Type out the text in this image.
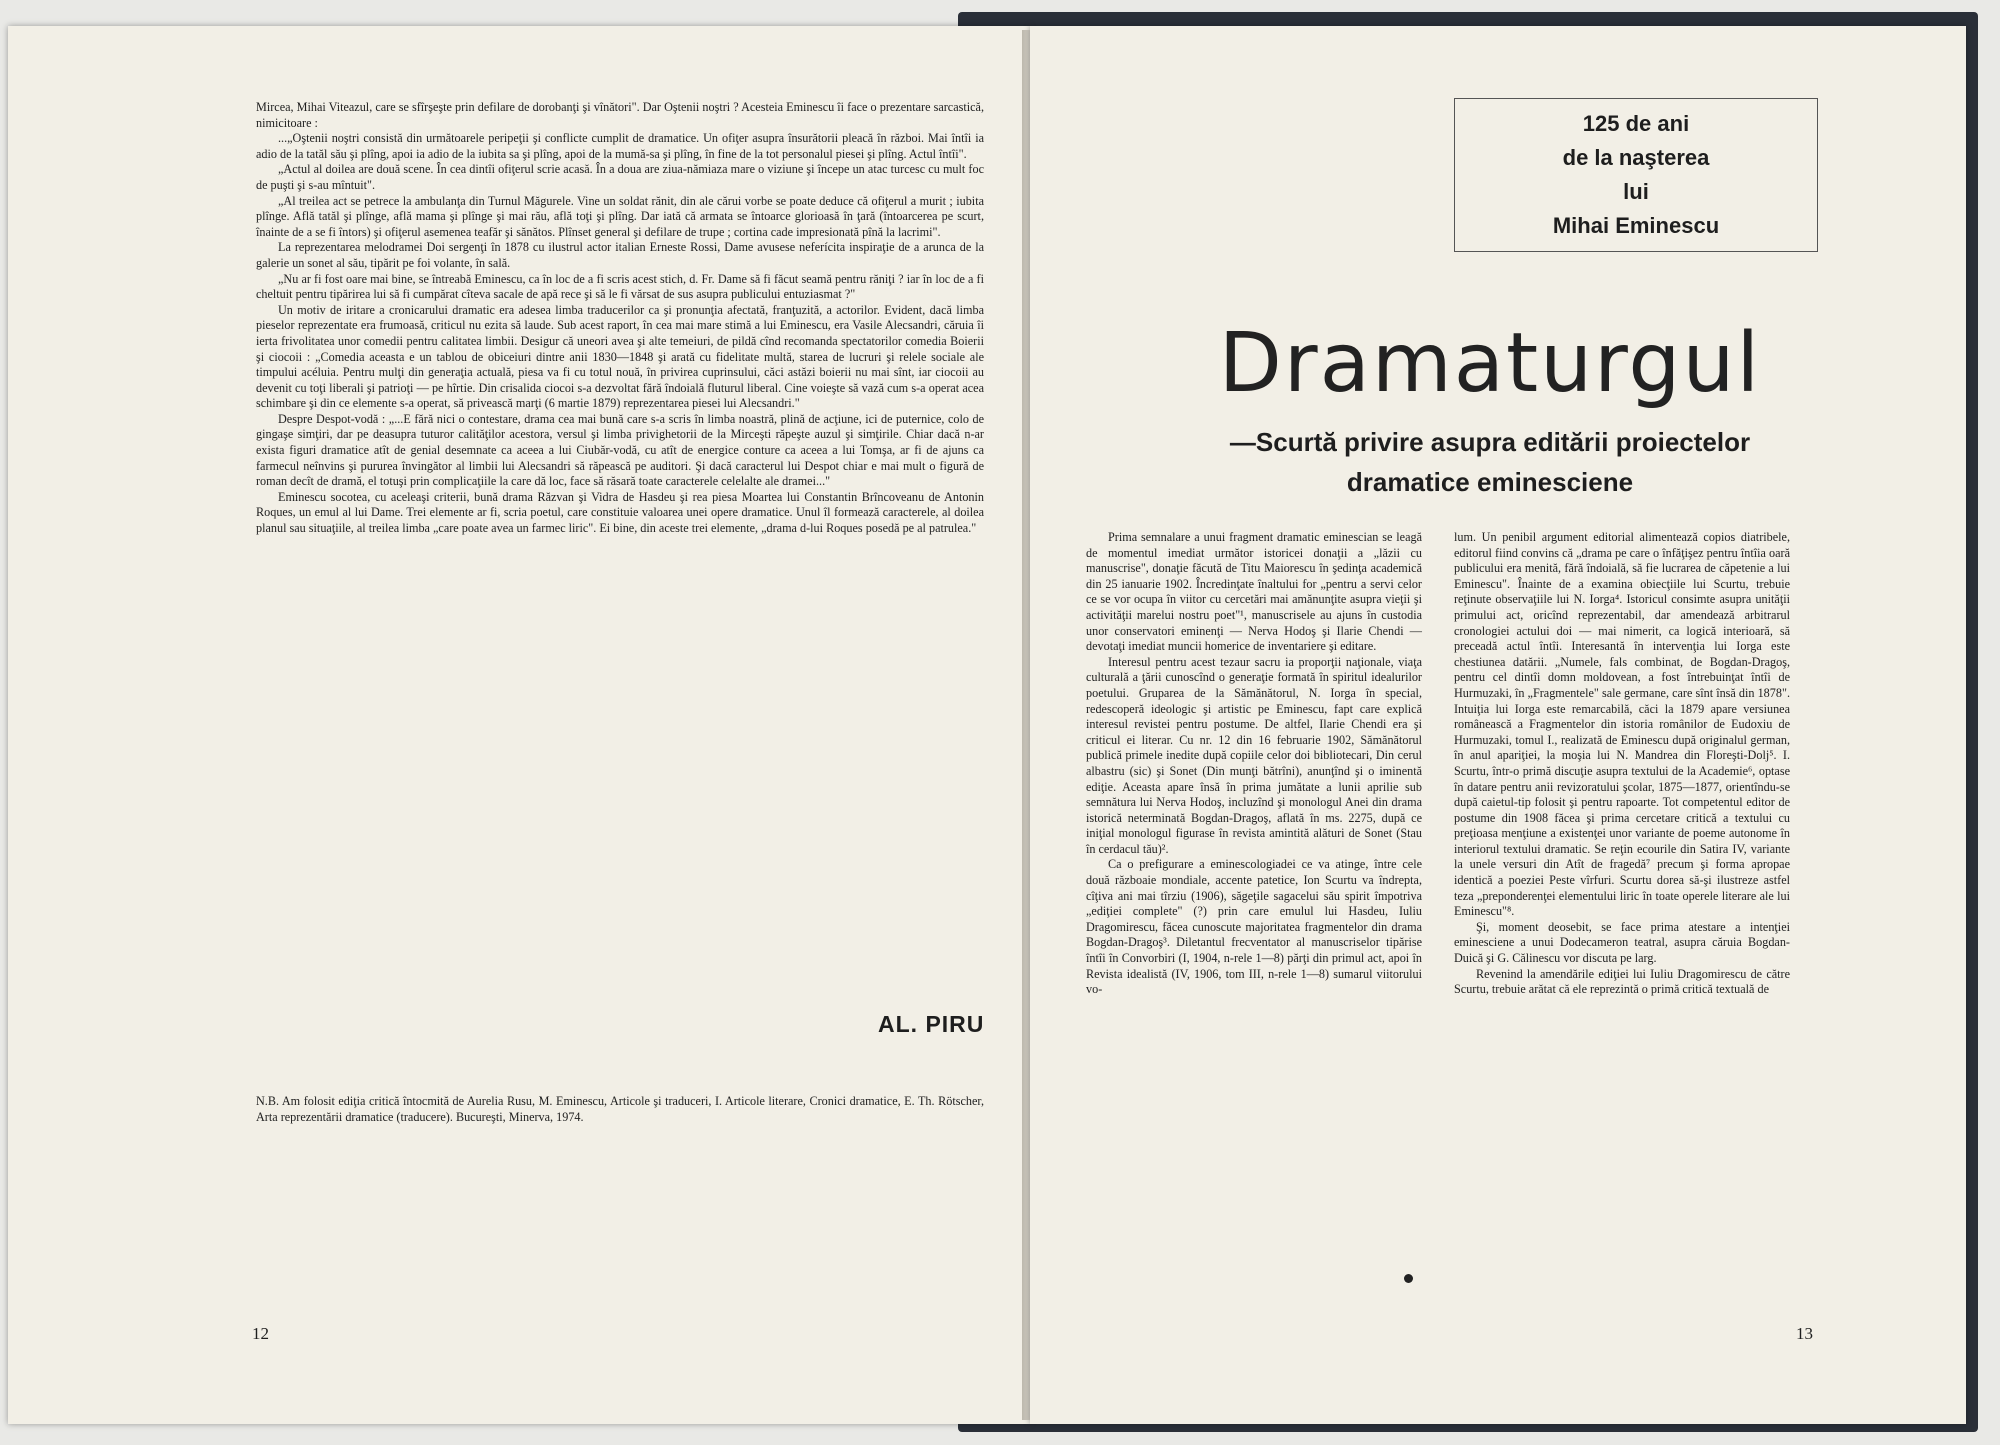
Mircea, Mihai Viteazul, care se sfîrşeşte prin defilare de dorobanţi şi vînători". Dar Oştenii noştri ? Acesteia Eminescu îi face o prezentare sarcastică, nimicitoare :

...„Oştenii noştri consistă din următoarele peripeţii şi conflicte cumplit de dramatice. Un ofiţer asupra însurătorii pleacă în război. Mai întîi ia adio de la tatăl său şi plîng, apoi ia adio de la iubita sa şi plîng, apoi de la mumă-sa şi plîng, în fine de la tot personalul piesei şi plîng. Actul întîi".

„Actul al doilea are două scene. În cea dintîi ofiţerul scrie acasă. În a doua are ziua-nămiaza mare o viziune şi începe un atac turcesc cu mult foc de puşti şi s-au mîntuit".

„Al treilea act se petrece la ambulanţa din Turnul Măgurele. Vine un soldat rănit, din ale cărui vorbe se poate deduce că ofiţerul a murit ; iubita plînge. Află tatăl şi plînge, află mama şi plînge şi mai rău, află toţi şi plîng. Dar iată că armata se întoarce glorioasă în ţară (întoarcerea pe scurt, înainte de a se fi întors) şi ofiţerul asemenea teafăr şi sănătos. Plînset general şi defilare de trupe ; cortina cade impresionată pînă la lacrimi".

La reprezentarea melodramei Doi sergenţi în 1878 cu ilustrul actor italian Erneste Rossi, Dame avusese neferícita inspiraţie de a arunca de la galerie un sonet al său, tipărit pe foi volante, în sală.

„Nu ar fi fost oare mai bine, se întreabă Eminescu, ca în loc de a fi scris acest stich, d. Fr. Dame să fi făcut seamă pentru răniţi ? iar în loc de a fi cheltuit pentru tipărirea lui să fi cumpărat cîteva sacale de apă rece şi să le fi vărsat de sus asupra publicului entuziasmat ?"

Un motiv de iritare a cronicarului dramatic era adesea limba traducerilor ca şi pronunţia afectată, franţuzită, a actorilor. Evident, dacă limba pieselor reprezentate era frumoasă, criticul nu ezita să laude. Sub acest raport, în cea mai mare stimă a lui Eminescu, era Vasile Alecsandri, căruia îi ierta frivolitatea unor comedii pentru calitatea limbii. Desigur că uneori avea şi alte temeiuri, de pildă cînd recomanda spectatorilor comedia Boierii şi ciocoii : „Comedia aceasta e un tablou de obiceiuri dintre anii 1830—1848 şi arată cu fidelitate multă, starea de lucruri şi relele sociale ale timpului acéluia. Pentru mulţi din generaţia actuală, piesa va fi cu totul nouă, în privirea cuprinsului, căci astăzi boierii nu mai sînt, iar ciocoii au devenit cu toţi liberali şi patrioţi — pe hîrtie. Din crisalida ciocoi s-a dezvoltat fără îndoială fluturul liberal. Cine voieşte să vază cum s-a operat acea schimbare şi din ce elemente s-a operat, să privească marţi (6 martie 1879) reprezentarea piesei lui Alecsandri."

Despre Despot-vodă : „...E fără nici o contestare, drama cea mai bună care s-a scris în limba noastră, plină de acţiune, ici de puternice, colo de gingaşe simţiri, dar pe deasupra tuturor calităţilor acestora, versul şi limba privighetorii de la Mirceşti răpeşte auzul şi simţirile. Chiar dacă n-ar exista figuri dramatice atît de genial desemnate ca aceea a lui Ciubăr-vodă, cu atît de energice conture ca aceea a lui Tomşa, ar fi de ajuns ca farmecul neînvins şi pururea învingător al limbii lui Alecsandri să răpească pe auditori. Şi dacă caracterul lui Despot chiar e mai mult o figură de roman decît de dramă, el totuşi prin complicaţiile la care dă loc, face să răsară toate caracterele celelalte ale dramei..."

Eminescu socotea, cu aceleaşi criterii, bună drama Răzvan şi Vidra de Hasdeu şi rea piesa Moartea lui Constantin Brîncoveanu de Antonin Roques, un emul al lui Dame. Trei elemente ar fi, scria poetul, care constituie valoarea unei opere dramatice. Unul îl formează caracterele, al doilea planul sau situaţiile, al treilea limba „care poate avea un farmec liric". Ei bine, din aceste trei elemente, „drama d-lui Roques posedă pe al patrulea."

AL. PIRU

N.B. Am folosit ediţia critică întocmită de Aurelia Rusu, M. Eminescu, Articole şi traduceri, I. Articole literare, Cronici dramatice, E. Th. Rötscher, Arta reprezentării dramatice (traducere). Bucureşti, Minerva, 1974.

12
125 de ani
de la naşterea
lui
Mihai Eminescu
Dramaturgul
—Scurtă privire asupra editării proiectelor
dramatice eminesciene

Prima semnalare a unui fragment dramatic eminescian se leagă de momentul imediat următor istoricei donaţii a „lăzii cu manuscrise", donaţie făcută de Titu Maiorescu în şedinţa academică din 25 ianuarie 1902. Încredinţate înaltului for „pentru a servi celor ce se vor ocupa în viitor cu cercetări mai amănunţite asupra vieţii şi activităţii marelui nostru poet"¹, manuscrisele au ajuns în custodia unor conservatori eminenţi — Nerva Hodoş şi Ilarie Chendi — devotaţi imediat muncii homerice de inventariere şi editare.

Interesul pentru acest tezaur sacru ia proporţii naţionale, viaţa culturală a ţării cunoscînd o generaţie formată în spiritul idealurilor poetului. Gruparea de la Sămănătorul, N. Iorga în special, redescoperă ideologic şi artistic pe Eminescu, fapt care explică interesul revistei pentru postume. De altfel, Ilarie Chendi era şi criticul ei literar. Cu nr. 12 din 16 februarie 1902, Sămănătorul publică primele inedite după copiile celor doi bibliotecari, Din cerul albastru (sic) şi Sonet (Din munţi bătrîni), anunţînd şi o iminentă ediţie. Aceasta apare însă în prima jumătate a lunii aprilie sub semnătura lui Nerva Hodoş, incluzînd şi monologul Anei din drama istorică neterminată Bogdan-Dragoş, aflată în ms. 2275, după ce iniţial monologul figurase în revista amintită alături de Sonet (Stau în cerdacul tău)².

Ca o prefigurare a eminescologiadei ce va atinge, între cele două războaie mondiale, accente patetice, Ion Scurtu va îndrepta, cîţiva ani mai tîrziu (1906), săgeţile sagacelui său spirit împotriva „ediţiei complete" (?) prin care emulul lui Hasdeu, Iuliu Dragomirescu, făcea cunoscute majoritatea fragmentelor din drama Bogdan-Dragoş³. Diletantul frecventator al manuscriselor tipărise întîi în Convorbiri (I, 1904, n-rele 1—8) părţi din primul act, apoi în Revista idealistă (IV, 1906, tom III, n-rele 1—8) sumarul viitorului vo-

lum. Un penibil argument editorial alimentează copios diatribele, editorul fiind convins că „drama pe care o înfăţişez pentru întîia oară publicului era menită, fără îndoială, să fie lucrarea de căpetenie a lui Eminescu". Înainte de a examina obiecţiile lui Scurtu, trebuie reţinute observaţiile lui N. Iorga⁴. Istoricul consimte asupra unităţii primului act, oricînd reprezentabil, dar amendează arbitrarul cronologiei actului doi — mai nimerit, ca logică interioară, să preceadă actul întîi. Interesantă în intervenţia lui Iorga este chestiunea datării. „Numele, fals combinat, de Bogdan-Dragoş, pentru cel dintîi domn moldovean, a fost întrebuinţat întîi de Hurmuzaki, în „Fragmentele" sale germane, care sînt însă din 1878". Intuiţia lui Iorga este remarcabilă, căci la 1879 apare versiunea românească a Fragmentelor din istoria românilor de Eudoxiu de Hurmuzaki, tomul I., realizată de Eminescu după originalul german, în anul apariţiei, la moşia lui N. Mandrea din Floreşti-Dolj⁵. I. Scurtu, într-o primă discuţie asupra textului de la Academie⁶, optase în datare pentru anii revizoratului şcolar, 1875—1877, orientîndu-se după caietul-tip folosit şi pentru rapoarte. Tot competentul editor de postume din 1908 făcea şi prima cercetare critică a textului cu preţioasa menţiune a existenţei unor variante de poeme autonome în interiorul textului dramatic. Se reţin ecourile din Satira IV, variante la unele versuri din Atît de fragedă⁷ precum şi forma apropae identică a poeziei Peste vîrfuri. Scurtu dorea să-şi ilustreze astfel teza „preponderenţei elementului liric în toate operele literare ale lui Eminescu"⁸.

Şi, moment deosebit, se face prima atestare a intenţiei eminesciene a unui Dodecameron teatral, asupra căruia Bogdan-Duică şi G. Călinescu vor discuta pe larg.

Revenind la amendările ediţiei lui Iuliu Dragomirescu de către Scurtu, trebuie arătat că ele reprezintă o primă critică textuală de

13
